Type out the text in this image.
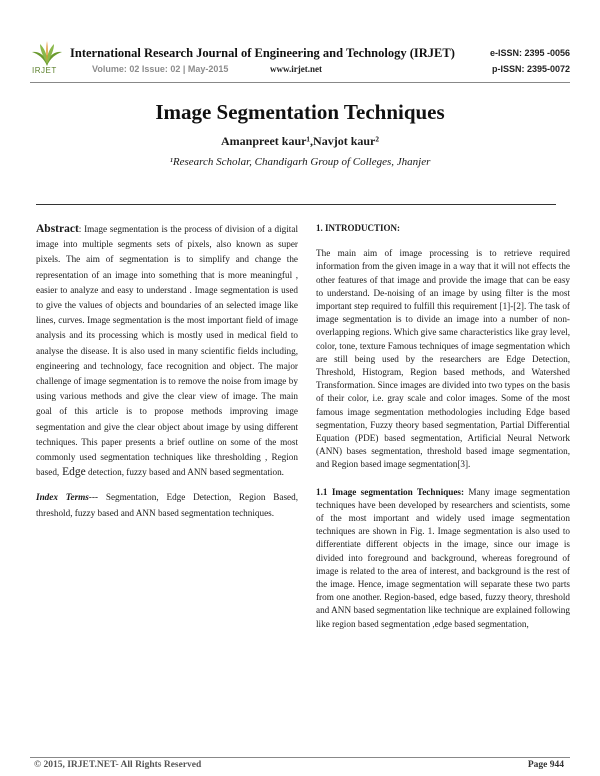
IRJET
International Research Journal of Engineering and Technology (IRJET)
Volume: 02 Issue: 02 | May-2015	www.irjet.net
e-ISSN: 2395 -0056
p-ISSN: 2395-0072
Image Segmentation Techniques
Amanpreet kaur¹,Navjot kaur²
¹Research Scholar, Chandigarh Group of Colleges, Jhanjer

Abstract: Image segmentation is the process of division of a digital image into multiple segments sets of pixels, also known as super pixels. The aim of segmentation is to simplify and change the representation of an image into something that is more meaningful , easier to analyze and easy to understand . Image segmentation is used to give the values of objects and boundaries of an selected image like lines, curves. Image segmentation is the most important field of image analysis and its processing which is mostly used in medical field to analyse the disease. It is also used in many scientific fields including, engineering and technology, face recognition and object. The major challenge of image segmentation is to remove the noise from image by using various methods and give the clear view of image. The main goal of this article is to propose methods improving image segmentation and give the clear object about image by using different techniques. This paper presents a brief outline on some of the most commonly used segmentation techniques like thresholding , Region based, Edge detection, fuzzy based and ANN based segmentation.

Index Terms--- Segmentation, Edge Detection, Region Based, threshold, fuzzy based and ANN based segmentation techniques.

1. INTRODUCTION:

The main aim of image processing is to retrieve required information from the given image in a way that it will not effects the other features of that image and provide the image that can be easy to understand. De-noising of an image by using filter is the most important step required to fulfill this requirement [1]-[2]. The task of image segmentation is to divide an image into a number of non-overlapping regions. Which give same characteristics like gray level, color, tone, texture Famous techniques of image segmentation which are still being used by the researchers are Edge Detection, Threshold, Histogram, Region based methods, and Watershed Transformation. Since images are divided into two types on the basis of their color, i.e. gray scale and color images. Some of the most famous image segmentation methodologies including Edge based segmentation, Fuzzy theory based segmentation, Partial Differential Equation (PDE) based segmentation, Artificial Neural Network (ANN) bases segmentation, threshold based image segmentation, and Region based image segmentation[3].

1.1 Image segmentation Techniques: Many image segmentation techniques have been developed by researchers and scientists, some of the most important and widely used image segmentation techniques are shown in Fig. 1. Image segmentation is also used to differentiate different objects in the image, since our image is divided into foreground and background, whereas foreground of image is related to the area of interest, and background is the rest of the image. Hence, image segmentation will separate these two parts from one another. Region-based, edge based, fuzzy theory, threshold and ANN based segmentation like technique are explained following like region based segmentation ,edge based segmentation,

© 2015, IRJET.NET- All Rights Reserved	Page 944
